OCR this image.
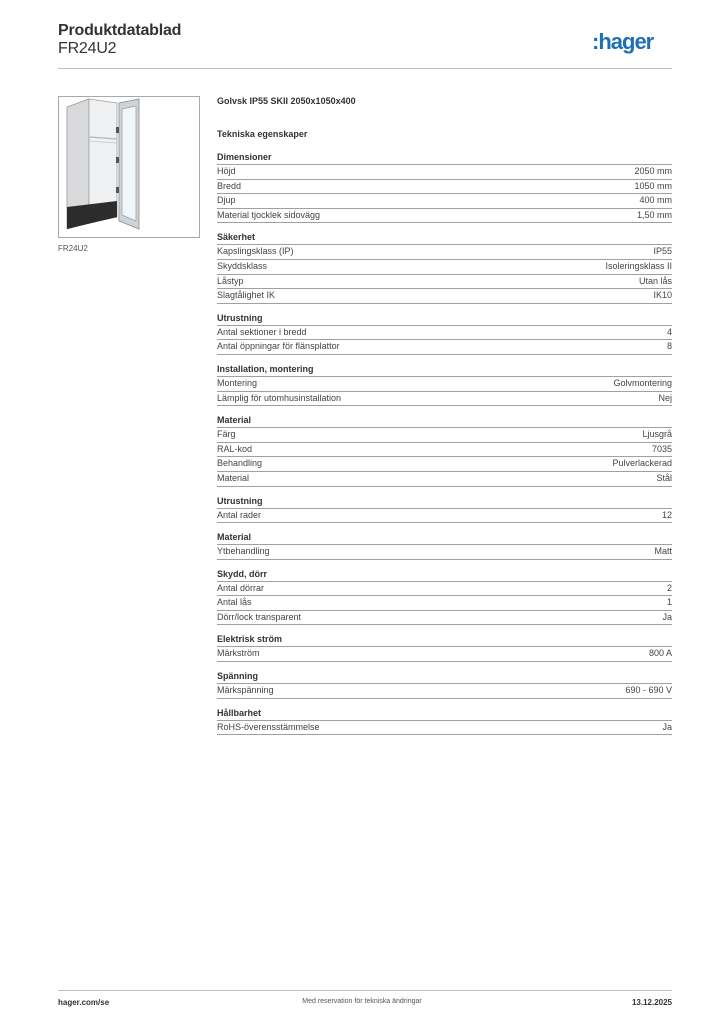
Produktdatablad
FR24U2	:hager
FR24U2
Golvsk IP55 SKII 2050x1050x400
Tekniska egenskaper
Dimensioner
Höjd	2050 mm
Bredd	1050 mm
Djup	400 mm
Material tjocklek sidovägg	1,50 mm
Säkerhet
Kapslingsklass (IP)	IP55
Skyddsklass	Isoleringsklass II
Låstyp	Utan lås
Slagtålighet IK	IK10
Utrustning
Antal sektioner i bredd	4
Antal öppningar för flänsplattor	8
Installation, montering
Montering	Golvmontering
Lämplig för utomhusinstallation	Nej
Material
Färg	Ljusgrå
RAL-kod	7035
Behandling	Pulverlackerad
Material	Stål
Utrustning
Antal rader	12
Material
Ytbehandling	Matt
Skydd, dörr
Antal dörrar	2
Antal lås	1
Dörr/lock transparent	Ja
Elektrisk ström
Märkström	800 A
Spänning
Märkspänning	690 - 690 V
Hållbarhet
RoHS-överensstämmelse	Ja
hager.com/se	Med reservation för tekniska ändringar	13.12.2025
